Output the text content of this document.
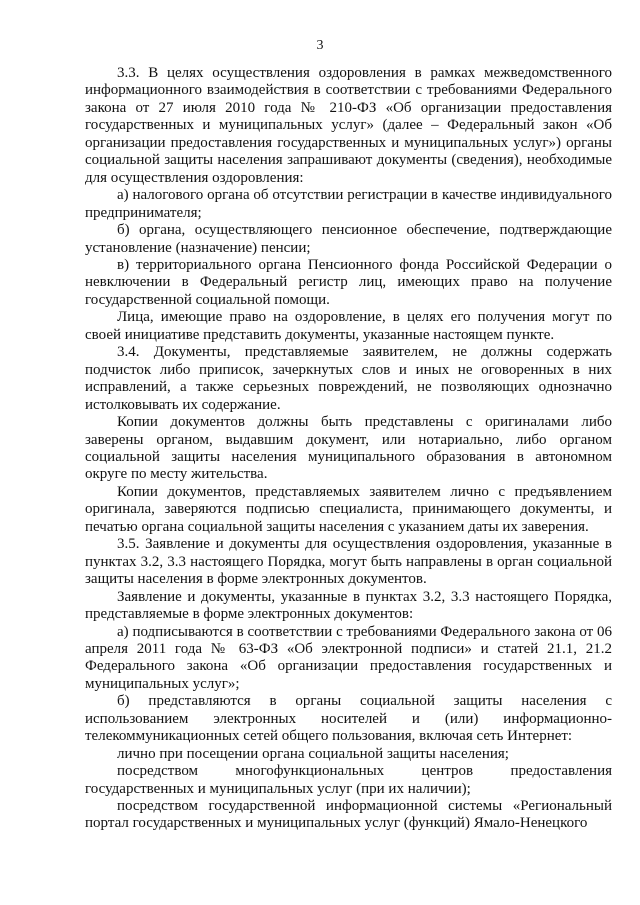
3

3.3. В целях осуществления оздоровления в рамках межведомственного информационного взаимодействия в соответствии с требованиями Федерального закона от 27 июля 2010 года № 210-ФЗ «Об организации предоставления государственных и муниципальных услуг» (далее – Федеральный закон «Об организации предоставления государственных и муниципальных услуг») органы социальной защиты населения запрашивают документы (сведения), необходимые для осуществления оздоровления:

а) налогового органа об отсутствии регистрации в качестве индивидуального предпринимателя;

б) органа, осуществляющего пенсионное обеспечение, подтверждающие установление (назначение) пенсии;

в) территориального органа Пенсионного фонда Российской Федерации о невключении в Федеральный регистр лиц, имеющих право на получение государственной социальной помощи.

Лица, имеющие право на оздоровление, в целях его получения могут по своей инициативе представить документы, указанные настоящем пункте.

3.4. Документы, представляемые заявителем, не должны содержать подчисток либо приписок, зачеркнутых слов и иных не оговоренных в них исправлений, а также серьезных повреждений, не позволяющих однозначно истолковывать их содержание.

Копии документов должны быть представлены с оригиналами либо заверены органом, выдавшим документ, или нотариально, либо органом социальной защиты населения муниципального образования в автономном округе по месту жительства.

Копии документов, представляемых заявителем лично с предъявлением оригинала, заверяются подписью специалиста, принимающего документы, и печатью органа социальной защиты населения с указанием даты их заверения.

3.5. Заявление и документы для осуществления оздоровления, указанные в пунктах 3.2, 3.3 настоящего Порядка, могут быть направлены в орган социальной защиты населения в форме электронных документов.

Заявление и документы, указанные в пунктах 3.2, 3.3 настоящего Порядка, представляемые в форме электронных документов:

а) подписываются в соответствии с требованиями Федерального закона от 06 апреля 2011 года № 63-ФЗ «Об электронной подписи» и статей 21.1, 21.2 Федерального закона «Об организации предоставления государственных и муниципальных услуг»;

б) представляются в органы социальной защиты населения с использованием электронных носителей и (или) информационно-телекоммуникационных сетей общего пользования, включая сеть Интернет:

лично при посещении органа социальной защиты населения;

посредством многофункциональных центров предоставления государственных и муниципальных услуг (при их наличии);

посредством государственной информационной системы «Региональный портал государственных и муниципальных услуг (функций) Ямало-Ненецкого
